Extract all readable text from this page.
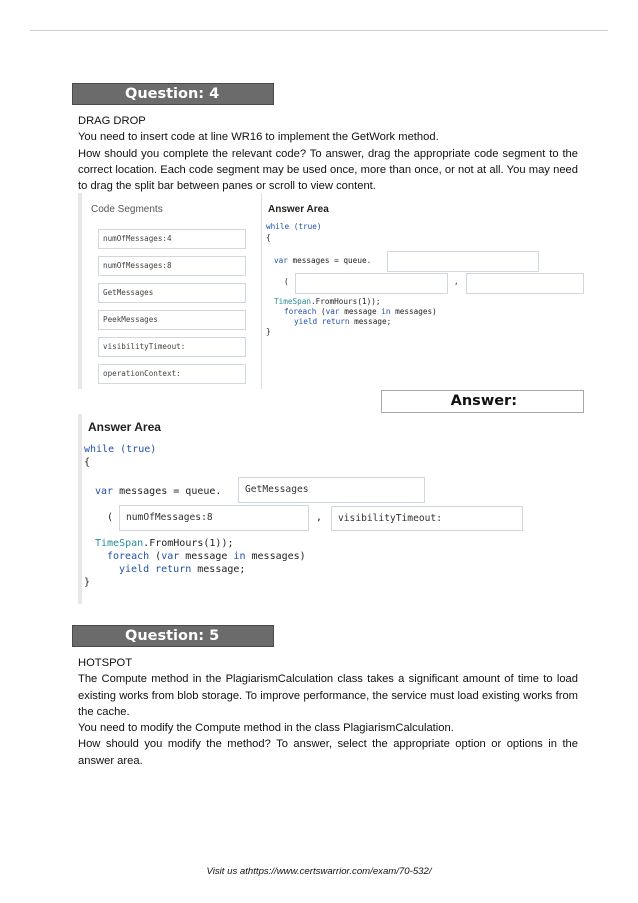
Question: 4

DRAG DROP

You need to insert code at line WR16 to implement the GetWork method.

How should you complete the relevant code? To answer, drag the appropriate code segment to the correct location. Each code segment may be used once, more than once, or not at all. You may need to drag the split bar between panes or scroll to view content.

Code Segments
numOfMessages:4
numOfMessages:8
GetMessages
PeekMessages
visibilityTimeout:
operationContext:
Answer Area
while (true)
{
var messages = queue.
(	,
TimeSpan.FromHours(1));
foreach (var message in messages)
yield return message;
}
Answer:
Answer Area
while (true)
{
var messages = queue.	GetMessages
(	numOfMessages:8	,	visibilityTimeout:
TimeSpan.FromHours(1));
foreach (var message in messages)
yield return message;
}
Question: 5

HOTSPOT

The Compute method in the PlagiarismCalculation class takes a significant amount of time to load existing works from blob storage. To improve performance, the service must load existing works from the cache.

You need to modify the Compute method in the class PlagiarismCalculation.

How should you modify the method? To answer, select the appropriate option or options in the answer area.

Visit us athttps://www.certswarrior.com/exam/70-532/
